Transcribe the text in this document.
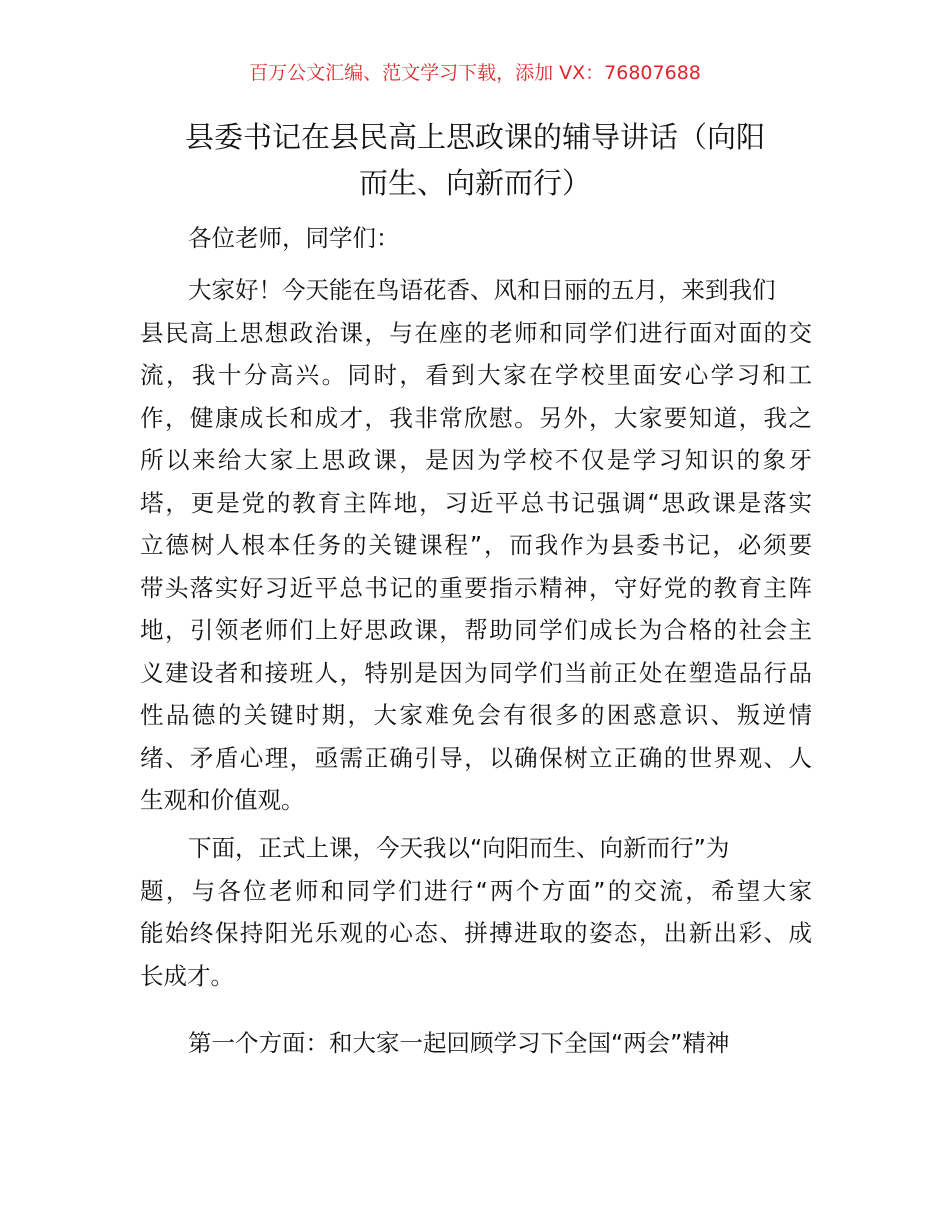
百万公文汇编、范文学习下载，添加 VX：76807688
县委书记在县民高上思政课的辅导讲话（向阳
而生、向新而行）
各位老师，同学们：
大家好！今天能在鸟语花香、风和日丽的五月，来到我们
县民高上思想政治课，与在座的老师和同学们进行面对面的交
流，我十分高兴。同时，看到大家在学校里面安心学习和工
作，健康成长和成才，我非常欣慰。另外，大家要知道，我之
所以来给大家上思政课，是因为学校不仅是学习知识的象牙
塔，更是党的教育主阵地，习近平总书记强调“思政课是落实
立德树人根本任务的关键课程”，而我作为县委书记，必须要
带头落实好习近平总书记的重要指示精神，守好党的教育主阵
地，引领老师们上好思政课，帮助同学们成长为合格的社会主
义建设者和接班人，特别是因为同学们当前正处在塑造品行品
性品德的关键时期，大家难免会有很多的困惑意识、叛逆情
绪、矛盾心理，亟需正确引导，以确保树立正确的世界观、人
生观和价值观。
下面，正式上课，今天我以“向阳而生、向新而行”为
题，与各位老师和同学们进行“两个方面”的交流，希望大家
能始终保持阳光乐观的心态、拼搏进取的姿态，出新出彩、成
长成才。
第一个方面：和大家一起回顾学习下全国“两会”精神
